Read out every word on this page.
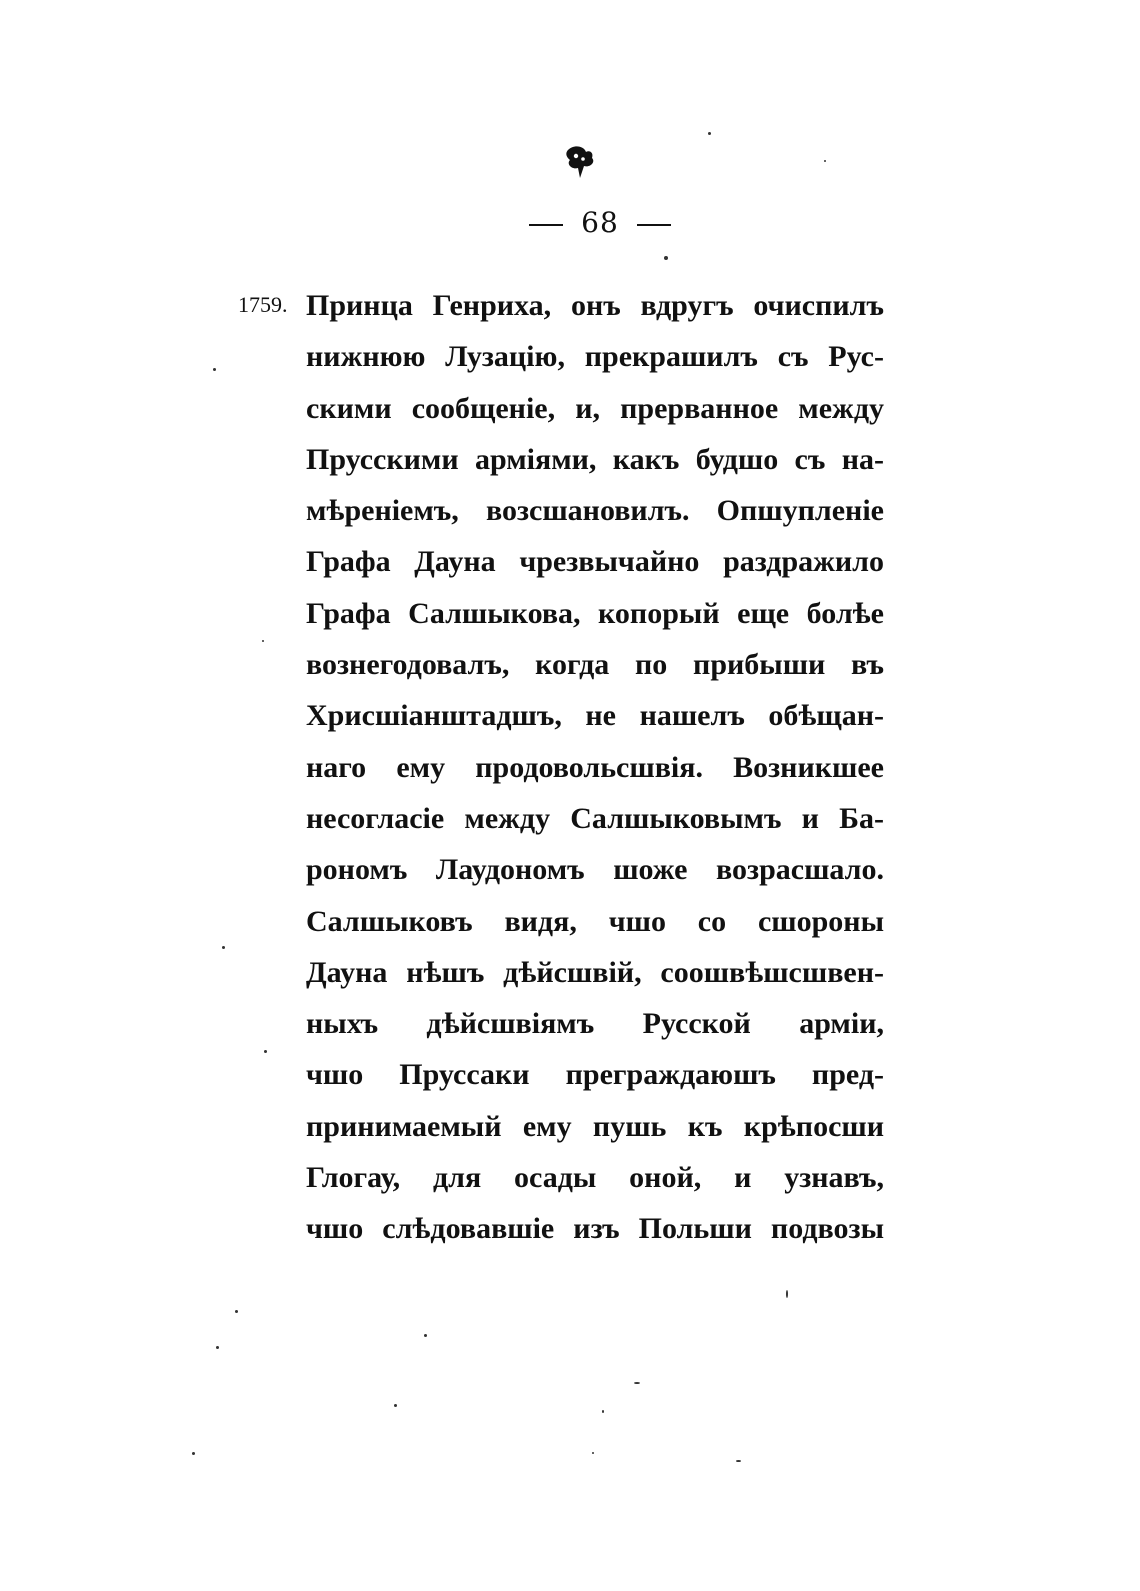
68
1759. Принца Генриха, онъ вдругъ очиспилъ
нижнюю Лузацію, прекрашилъ съ Рус-
скими сообщеніе, и, прерванное между
Прусскими арміями, какъ будшо съ на-
мѣреніемъ, возсшановилъ. Опшупленіе
Графа Дауна чрезвычайно раздражило
Графа Салшыкова, копорый еще болѣе
вознегодовалъ, когда по прибыши въ
Хрисшіанштадшъ, не нашелъ обѣщан-
наго ему продовольсшвія. Возникшее
несогласіе между Салшыковымъ и Ба-
рономъ Лаудономъ шоже возрасшало.
Салшыковъ видя, чшо со сшороны
Дауна нѣшъ дѣйсшвій, соошвѣшсшвен-
ныхъ дѣйсшвіямъ Русской арміи,
чшо Пруссаки преграждаюшъ пред-
принимаемый ему пушь къ крѣпосши
Глогау, для осады оной, и узнавъ,
чшо слѣдовавшіе изъ Польши подвозы
